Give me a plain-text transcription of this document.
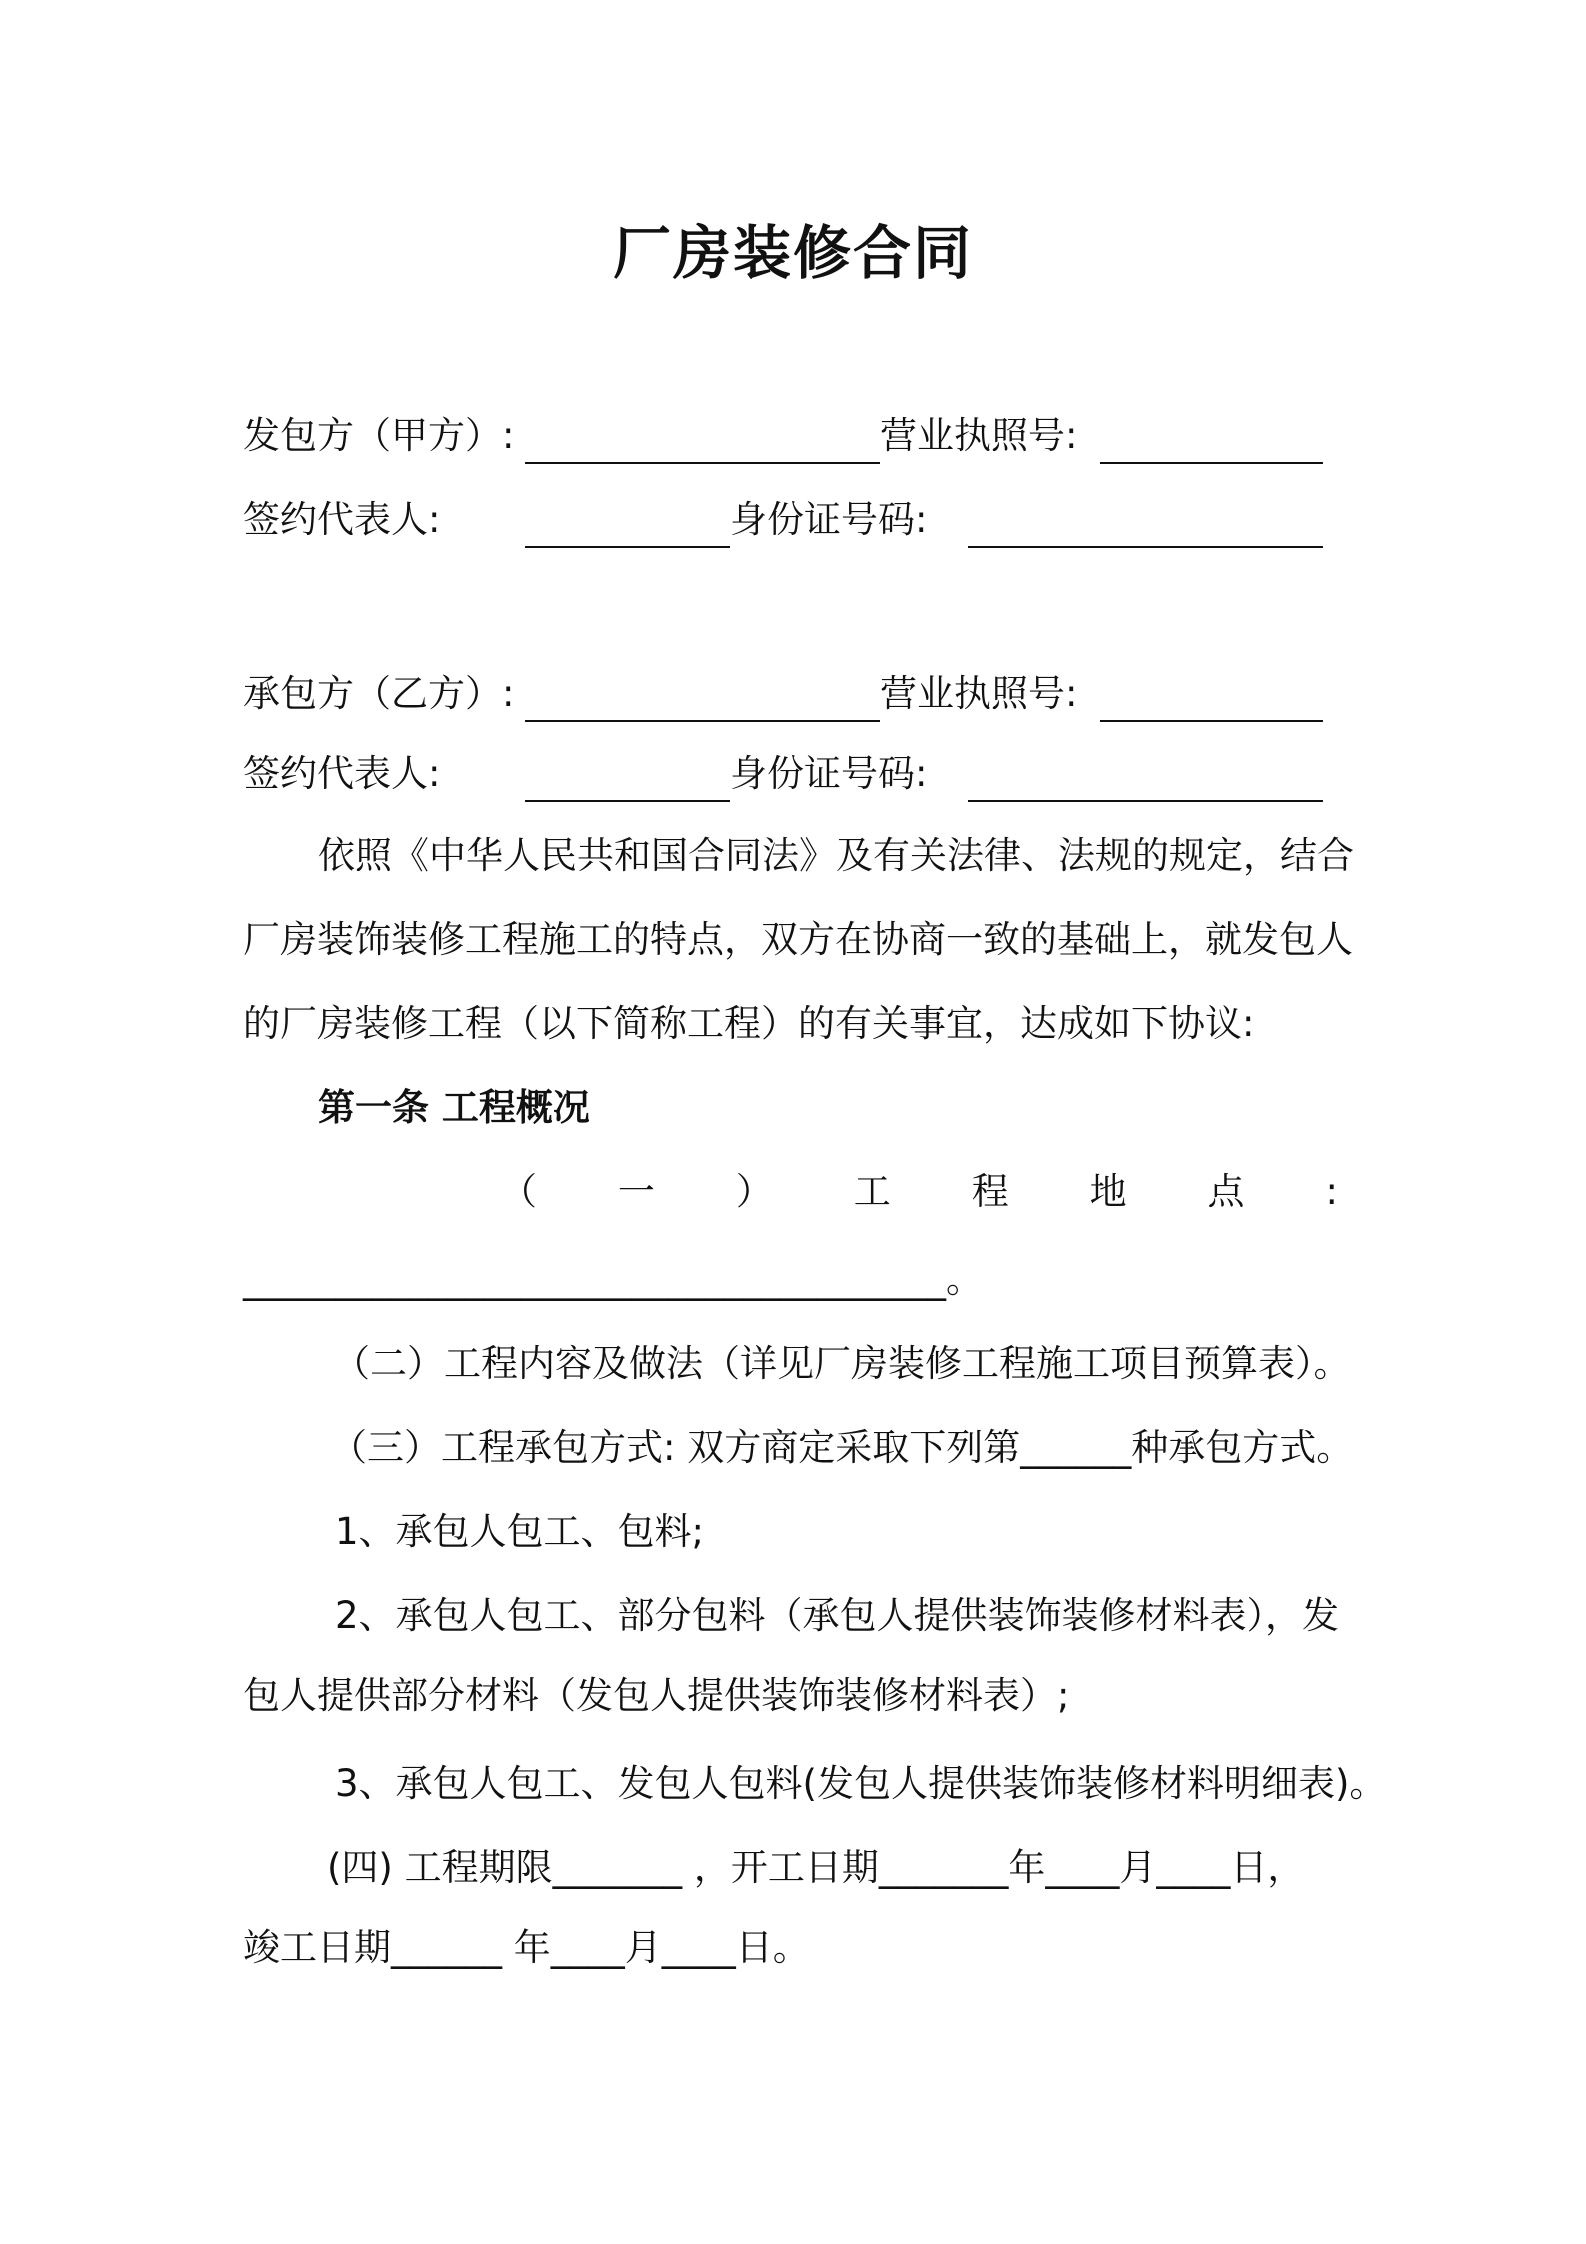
厂房装修合同
发包方（甲方）:	营业执照号:
签约代表人:	身份证号码:
承包方（乙方）:	营业执照号:
签约代表人:	身份证号码:
依照《中华人民共和国合同法》及有关法律、法规的规定，结合
厂房装饰装修工程施工的特点，双方在协商一致的基础上，就发包人
的厂房装修工程（以下简称工程）的有关事宜，达成如下协议:
第一条 工程概况
（ 一 ） 工 程 地 点 :
______________________________________。
（二）工程内容及做法（详见厂房装修工程施工项目预算表）。
（三）工程承包方式: 双方商定采取下列第______种承包方式。
1、承包人包工、包料;
2、承包人包工、部分包料（承包人提供装饰装修材料表），发
包人提供部分材料（发包人提供装饰装修材料表）;
3、承包人包工、发包人包料(发包人提供装饰装修材料明细表)。
(四) 工程期限_______ ，开工日期_______年____月____日，
竣工日期______ 年____月____日。
